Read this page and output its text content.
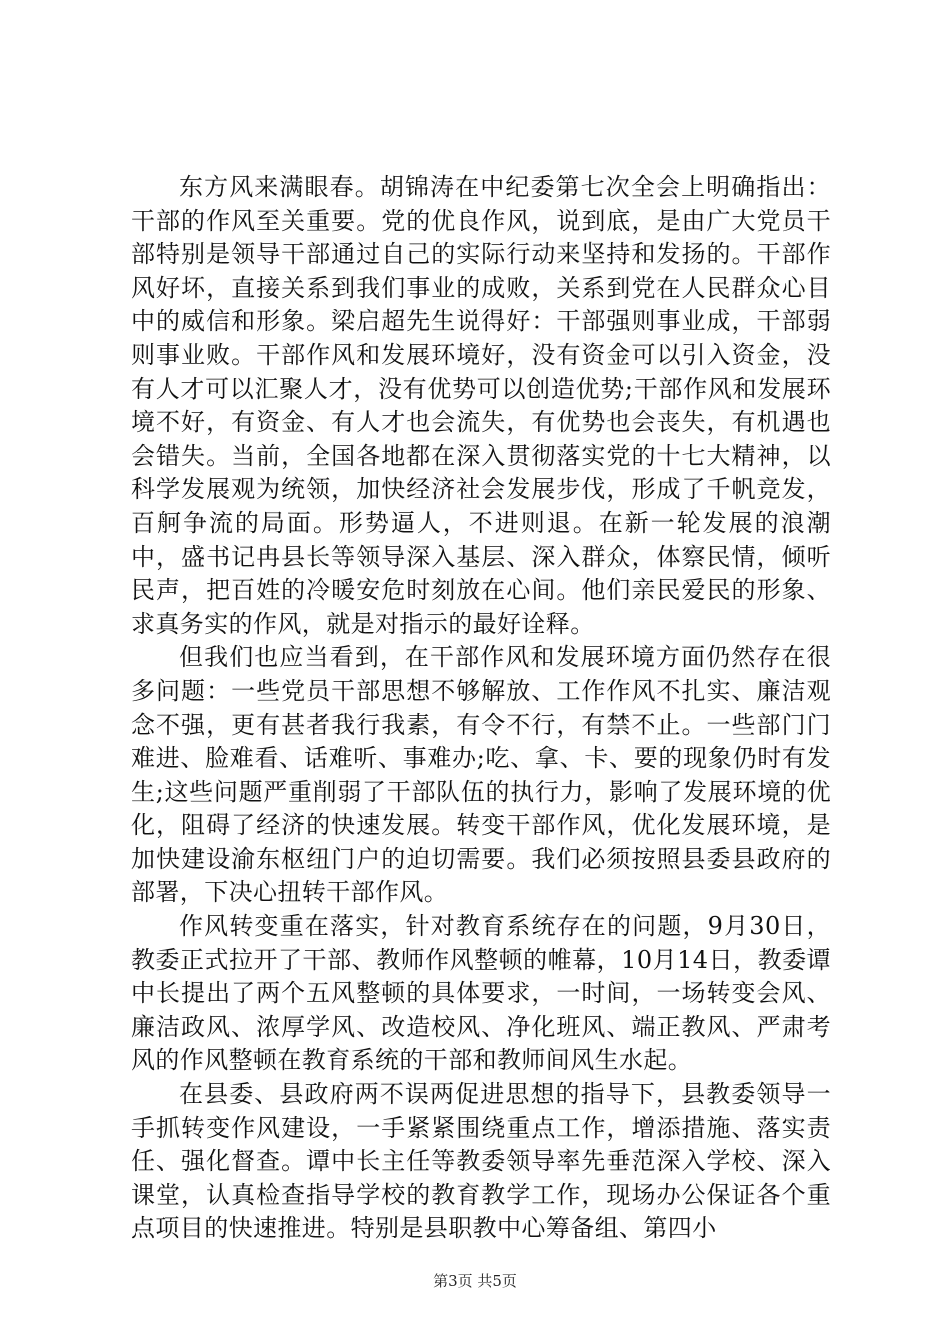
东方风来满眼春。胡锦涛在中纪委第七次全会上明确指出：干部的作风至关重要。党的优良作风，说到底，是由广大党员干部特别是领导干部通过自己的实际行动来坚持和发扬的。干部作风好坏，直接关系到我们事业的成败，关系到党在人民群众心目中的威信和形象。梁启超先生说得好：干部强则事业成，干部弱则事业败。干部作风和发展环境好，没有资金可以引入资金，没有人才可以汇聚人才，没有优势可以创造优势;干部作风和发展环境不好，有资金、有人才也会流失，有优势也会丧失，有机遇也会错失。当前，全国各地都在深入贯彻落实党的十七大精神，以科学发展观为统领，加快经济社会发展步伐，形成了千帆竞发，百舸争流的局面。形势逼人，不进则退。在新一轮发展的浪潮中，盛书记冉县长等领导深入基层、深入群众，体察民情，倾听民声，把百姓的冷暖安危时刻放在心间。他们亲民爱民的形象、求真务实的作风，就是对指示的最好诠释。

但我们也应当看到，在干部作风和发展环境方面仍然存在很多问题：一些党员干部思想不够解放、工作作风不扎实、廉洁观念不强，更有甚者我行我素，有令不行，有禁不止。一些部门门难进、脸难看、话难听、事难办;吃、拿、卡、要的现象仍时有发生;这些问题严重削弱了干部队伍的执行力，影响了发展环境的优化，阻碍了经济的快速发展。转变干部作风，优化发展环境，是加快建设渝东枢纽门户的迫切需要。我们必须按照县委县政府的部署，下决心扭转干部作风。

作风转变重在落实，针对教育系统存在的问题，9月30日，教委正式拉开了干部、教师作风整顿的帷幕，10月14日，教委谭中长提出了两个五风整顿的具体要求，一时间，一场转变会风、廉洁政风、浓厚学风、改造校风、净化班风、端正教风、严肃考风的作风整顿在教育系统的干部和教师间风生水起。

在县委、县政府两不误两促进思想的指导下，县教委领导一手抓转变作风建设，一手紧紧围绕重点工作，增添措施、落实责任、强化督查。谭中长主任等教委领导率先垂范深入学校、深入课堂，认真检查指导学校的教育教学工作，现场办公保证各个重点项目的快速推进。特别是县职教中心筹备组、第四小

第3页 共5页
